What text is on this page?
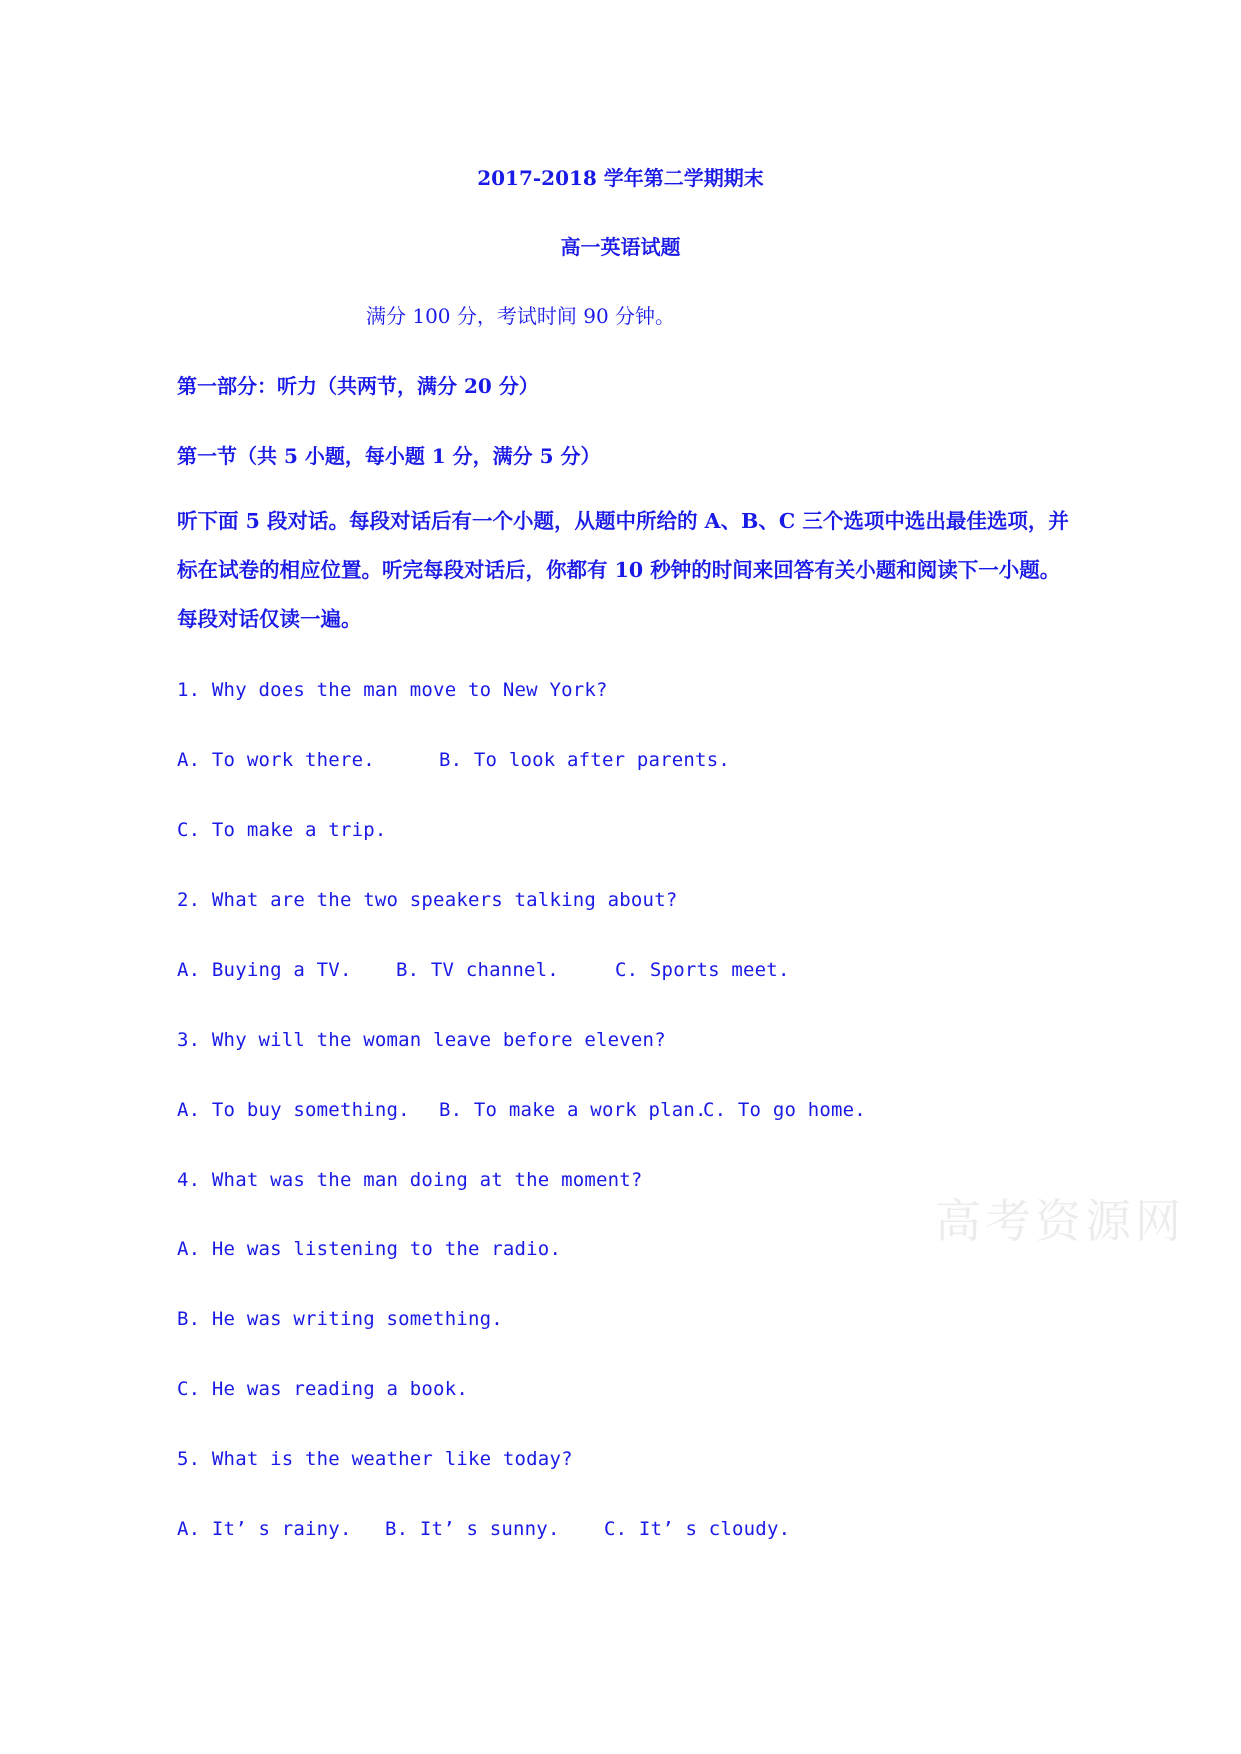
2017-2018 学年第二学期期末
高一英语试题
满分 100 分，考试时间 90 分钟。
第一部分：听力（共两节，满分 20 分）
第一节（共 5 小题，每小题 1 分，满分 5 分）
听下面 5 段对话。每段对话后有一个小题，从题中所给的 A、B、C 三个选项中选出最佳选项，并标在试卷的相应位置。听完每段对话后，你都有 10 秒钟的时间来回答有关小题和阅读下一小题。每段对话仅读一遍。
1. Why does the man move to New York?
A. To work there.	B. To look after parents.
C. To make a trip.
2. What are the two speakers talking about?
A. Buying a TV. B. TV channel.	C. Sports meet.
3. Why will the woman leave before eleven?
A. To buy something. B. To make a work plan.C. To go home.
4. What was the man doing at the moment?
A. He was listening to the radio.
B. He was writing something.
C. He was reading a book.
5. What is the weather like today?
A. It’ s rainy. B. It’ s sunny. C. It’ s cloudy.
高考资源网
